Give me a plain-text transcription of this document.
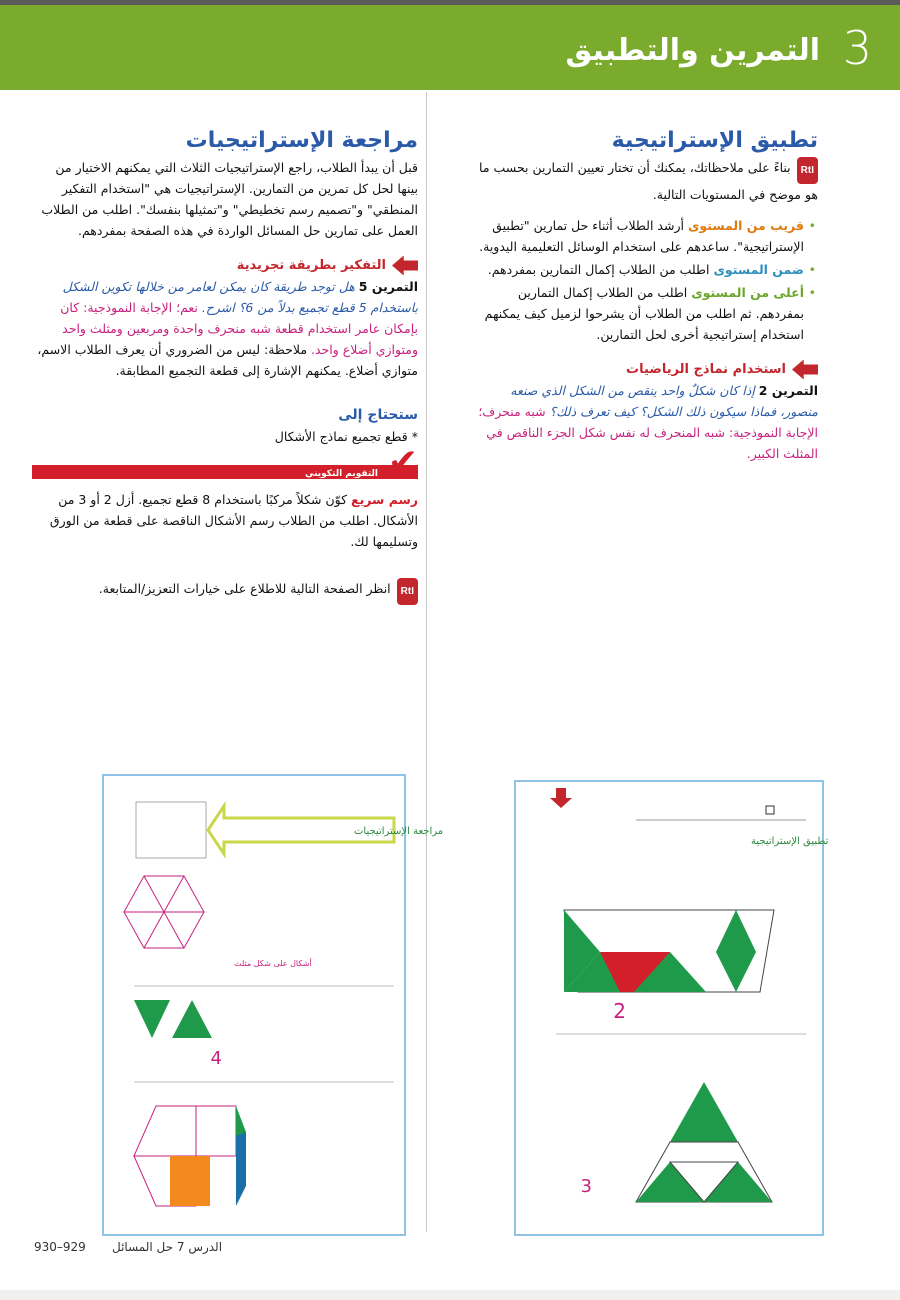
3
التمرين والتطبيق
تطبيق الإستراتيجية

RtIبناءً على ملاحظاتك، يمكنك أن تختار تعيين التمارين بحسب ما هو موضح في المستويات التالية.

• قريب من المستوى أرشد الطلاب أثناء حل تمارين "تطبيق الإستراتيجية". ساعدهم على استخدام الوسائل التعليمية اليدوية.
• ضمن المستوى اطلب من الطلاب إكمال التمارين بمفردهم.
• أعلى من المستوى اطلب من الطلاب إكمال التمارين بمفردهم. ثم اطلب من الطلاب أن يشرحوا لزميل كيف يمكنهم استخدام إستراتيجية أخرى لحل التمارين.
استخدام نماذج الرياضيات

التمرين 2 إذا كان شكلٌ واحد ينقص من الشكل الذي صنعه منصور، فماذا سيكون ذلك الشكل؟ كيف تعرف ذلك؟ شبه منحرف؛ الإجابة النموذجية: شبه المنحرف له نفس شكل الجزء الناقص في المثلث الكبير.

مراجعة الإستراتيجيات

قبل أن يبدأ الطلاب، راجع الإستراتيجيات الثلاث التي يمكنهم الاختيار من بينها لحل كل تمرين من التمارين. الإستراتيجيات هي "استخدام التفكير المنطقي" و"تصميم رسم تخطيطي" و"تمثيلها بنفسك". اطلب من الطلاب العمل على تمارين حل المسائل الواردة في هذه الصفحة بمفردهم.

التفكير بطريقة تجريدية

التمرين 5 هل توجد طريقة كان يمكن لعامر من خلالها تكوين الشكل باستخدام 5 قطع تجميع بدلاً من 6؟ اشرح. نعم؛ الإجابة النموذجية: كان بإمكان عامر استخدام قطعة شبه منحرف واحدة ومربعين ومثلث واحد ومتوازي أضلاع واحد. ملاحظة: ليس من الضروري أن يعرف الطلاب الاسم، متوازي أضلاع. يمكنهم الإشارة إلى قطعة التجميع المطابقة.

ستحتاج إلى

* قطع تجميع نماذج الأشكال

التقويم التكويني ✔

رسم سريع كوّن شكلاً مركبًا باستخدام 8 قطع تجميع. أزل 2 أو 3 من الأشكال. اطلب من الطلاب رسم الأشكال الناقصة على قطعة من الورق وتسليمها لك.

RtIانظر الصفحة التالية للاطلاع على خيارات التعزيز/المتابعة.

تطبيق الإستراتيجية
2
3
مراجعة الإستراتيجيات
أشكال على شكل مثلث
4
929–930 الدرس 7 حل المسائل
